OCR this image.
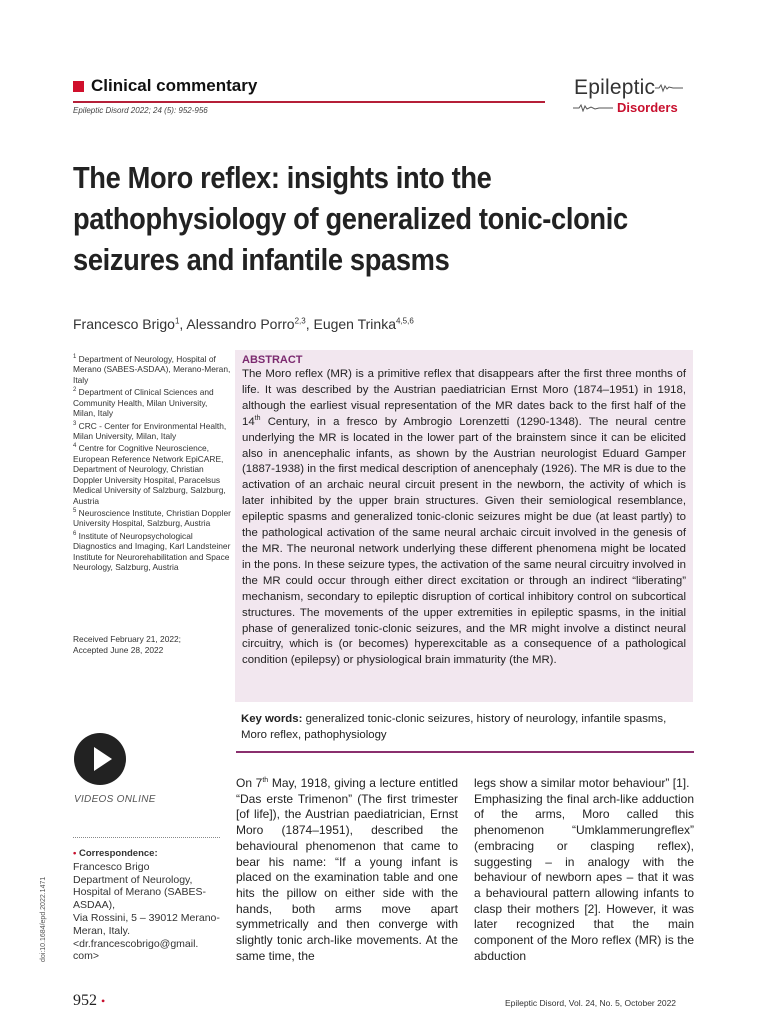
Clinical commentary
Epileptic Disord 2022; 24 (5): 952-956
Epileptic
Disorders
The Moro reflex: insights into the pathophysiology of generalized tonic-clonic seizures and infantile spasms
Francesco Brigo$^1$, Alessandro Porro$^{2,3}$, Eugen Trinka$^{4,5,6}$

$^1$ Department of Neurology, Hospital of Merano (SABES-ASDAA), Merano-Meran, Italy

$^2$ Department of Clinical Sciences and Community Health, Milan University, Milan, Italy

$^3$ CRC - Center for Environmental Health, Milan University, Milan, Italy

$^4$ Centre for Cognitive Neuroscience, European Reference Network EpiCARE, Department of Neurology, Christian Doppler University Hospital, Paracelsus Medical University of Salzburg, Salzburg, Austria

$^5$ Neuroscience Institute, Christian Doppler University Hospital, Salzburg, Austria

$^6$ Institute of Neuropsychological Diagnostics and Imaging, Karl Landsteiner Institute for Neurorehabilitation and Space Neurology, Salzburg, Austria

Received February 21, 2022;
Accepted June 28, 2022
ABSTRACT
The Moro reflex (MR) is a primitive reflex that disappears after the first three months of life. It was described by the Austrian paediatrician Ernst Moro (1874–1951) in 1918, although the earliest visual representation of the MR dates back to the first half of the 14th Century, in a fresco by Ambrogio Lorenzetti (1290-1348). The neural centre underlying the MR is located in the lower part of the brainstem since it can be elicited also in anencephalic infants, as shown by the Austrian neurologist Eduard Gamper (1887-1938) in the first medical description of anencephaly (1926). The MR is due to the activation of an archaic neural circuit present in the newborn, the activity of which is later inhibited by the upper brain structures. Given their semiological resemblance, epileptic spasms and generalized tonic-clonic seizures might be due (at least partly) to the pathological activation of the same neural archaic circuit involved in the genesis of the MR. The neuronal network underlying these different phenomena might be located in the pons. In these seizure types, the activation of the same neural circuitry involved in the MR could occur through either direct excitation or through an indirect “liberating” mechanism, secondary to epileptic disruption of cortical inhibitory control on subcortical structures. The movements of the upper extremities in epileptic spasms, in the initial phase of generalized tonic-clonic seizures, and the MR might involve a distinct neural circuitry, which is (or becomes) hyperexcitable as a consequence of a pathological condition (epilepsy) or physiological brain immaturity (the MR).
Key words: generalized tonic-clonic seizures, history of neurology, infantile spasms, Moro reflex, pathophysiology
VIDEOS ONLINE
• Correspondence:
Francesco Brigo
Department of Neurology,
Hospital of Merano (SABES-
ASDAA),
Via Rossini, 5 – 39012 Merano-
Meran, Italy.
<dr.francescobrigo@gmail.
com>
doi:10.1684/epd.2022.1471
On 7th May, 1918, giving a lecture entitled “Das erste Trimenon” (The first trimester [of life]), the Austrian paediatrician, Ernst Moro (1874–1951), described the behavioural phenomenon that came to bear his name: “If a young infant is placed on the examination table and one hits the pillow on either side with the hands, both arms move apart symmetrically and then converge with slightly tonic arch-like movements. At the same time, the
legs show a similar motor behaviour” [1].
Emphasizing the final arch-like adduction of the arms, Moro called this phenomenon “Umklammerungreflex” (embracing or clasping reflex), suggesting – in analogy with the behaviour of newborn apes – that it was a behavioural pattern allowing infants to clasp their mothers [2]. However, it was later recognized that the main component of the Moro reflex (MR) is the abduction
952 •	Epileptic Disord, Vol. 24, No. 5, October 2022
